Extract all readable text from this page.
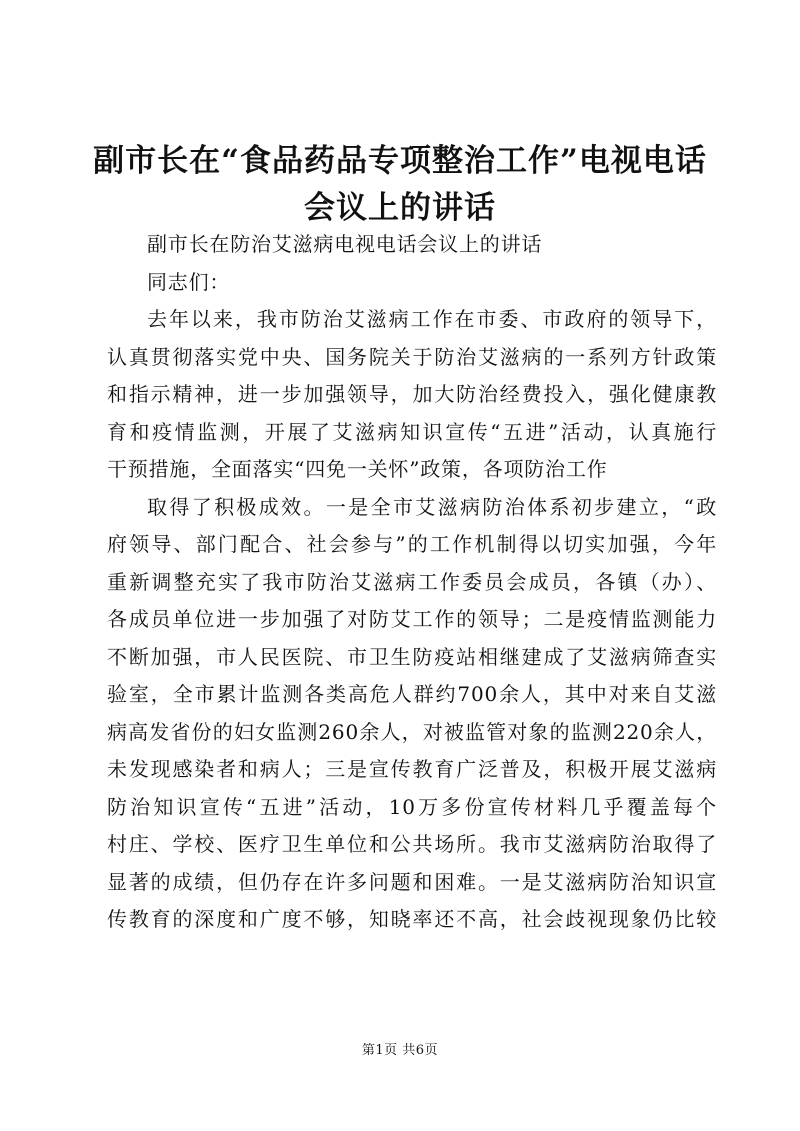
副市长在“食品药品专项整治工作”电视电话
会议上的讲话

副市长在防治艾滋病电视电话会议上的讲话

同志们：

去年以来，我市防治艾滋病工作在市委、市政府的领导下，
认真贯彻落实党中央、国务院关于防治艾滋病的一系列方针政策
和指示精神，进一步加强领导，加大防治经费投入，强化健康教
育和疫情监测，开展了艾滋病知识宣传“五进”活动，认真施行
干预措施，全面落实“四免一关怀”政策，各项防治工作
取得了积极成效。一是全市艾滋病防治体系初步建立，“政
府领导、部门配合、社会参与”的工作机制得以切实加强，今年
重新调整充实了我市防治艾滋病工作委员会成员，各镇（办）、
各成员单位进一步加强了对防艾工作的领导；二是疫情监测能力
不断加强，市人民医院、市卫生防疫站相继建成了艾滋病筛查实
验室，全市累计监测各类高危人群约700余人，其中对来自艾滋
病高发省份的妇女监测260余人，对被监管对象的监测220余人，
未发现感染者和病人；三是宣传教育广泛普及，积极开展艾滋病
防治知识宣传“五进”活动，10万多份宣传材料几乎覆盖每个
村庄、学校、医疗卫生单位和公共场所。我市艾滋病防治取得了
显著的成绩，但仍存在许多问题和困难。一是艾滋病防治知识宣
传教育的深度和广度不够，知晓率还不高，社会歧视现象仍比较
第1页 共6页
